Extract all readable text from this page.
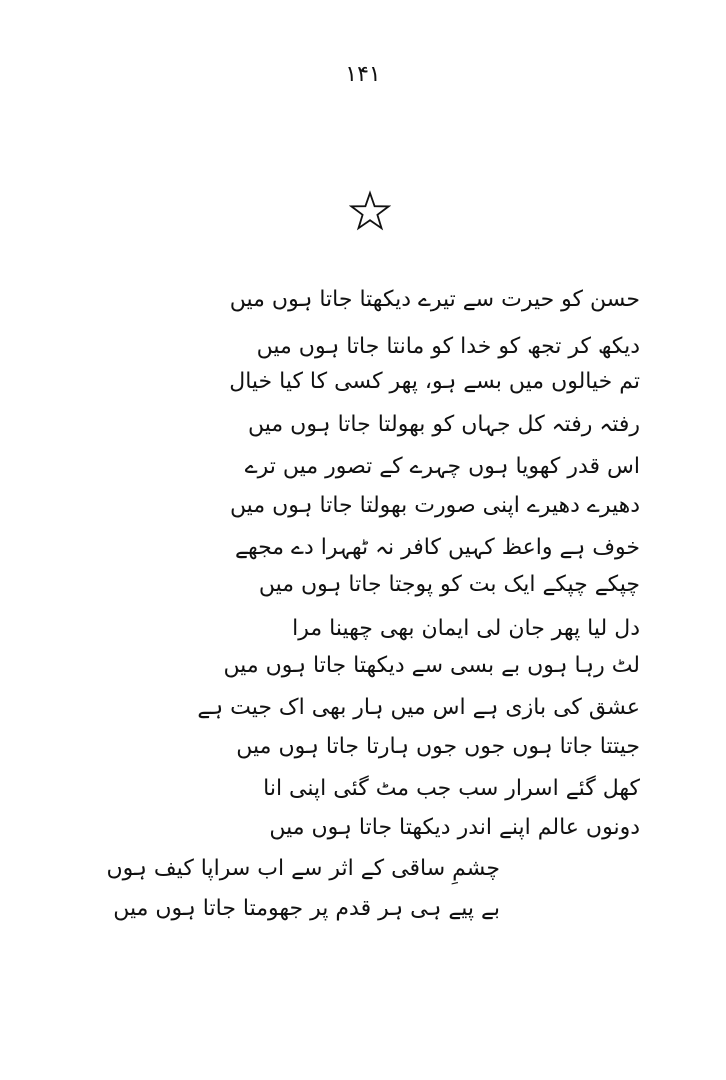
۱۴۱
حسن کو حیرت سے تیرے دیکھتا جاتا ہوں میں
دیکھ کر تجھ کو خدا کو مانتا جاتا ہوں میں
تم خیالوں میں بسے ہو، پھر کسی کا کیا خیال
رفتہ رفتہ کل جہاں کو بھولتا جاتا ہوں میں
اس قدر کھویا ہوں چہرے کے تصور میں ترے
دھیرے دھیرے اپنی صورت بھولتا جاتا ہوں میں
خوف ہے واعظ کہیں کافر نہ ٹھہرا دے مجھے
چپکے چپکے ایک بت کو پوجتا جاتا ہوں میں
دل لیا پھر جان لی ایمان بھی چھینا مرا
لٹ رہا ہوں بے بسی سے دیکھتا جاتا ہوں میں
عشق کی بازی ہے اس میں ہار بھی اک جیت ہے
جیتتا جاتا ہوں جوں جوں ہارتا جاتا ہوں میں
کھل گئے اسرار سب جب مٹ گئی اپنی انا
دونوں عالم اپنے اندر دیکھتا جاتا ہوں میں
چشمِ ساقی کے اثر سے اب سراپا کیف ہوں
بے پیے ہی ہر قدم پر جھومتا جاتا ہوں میں
